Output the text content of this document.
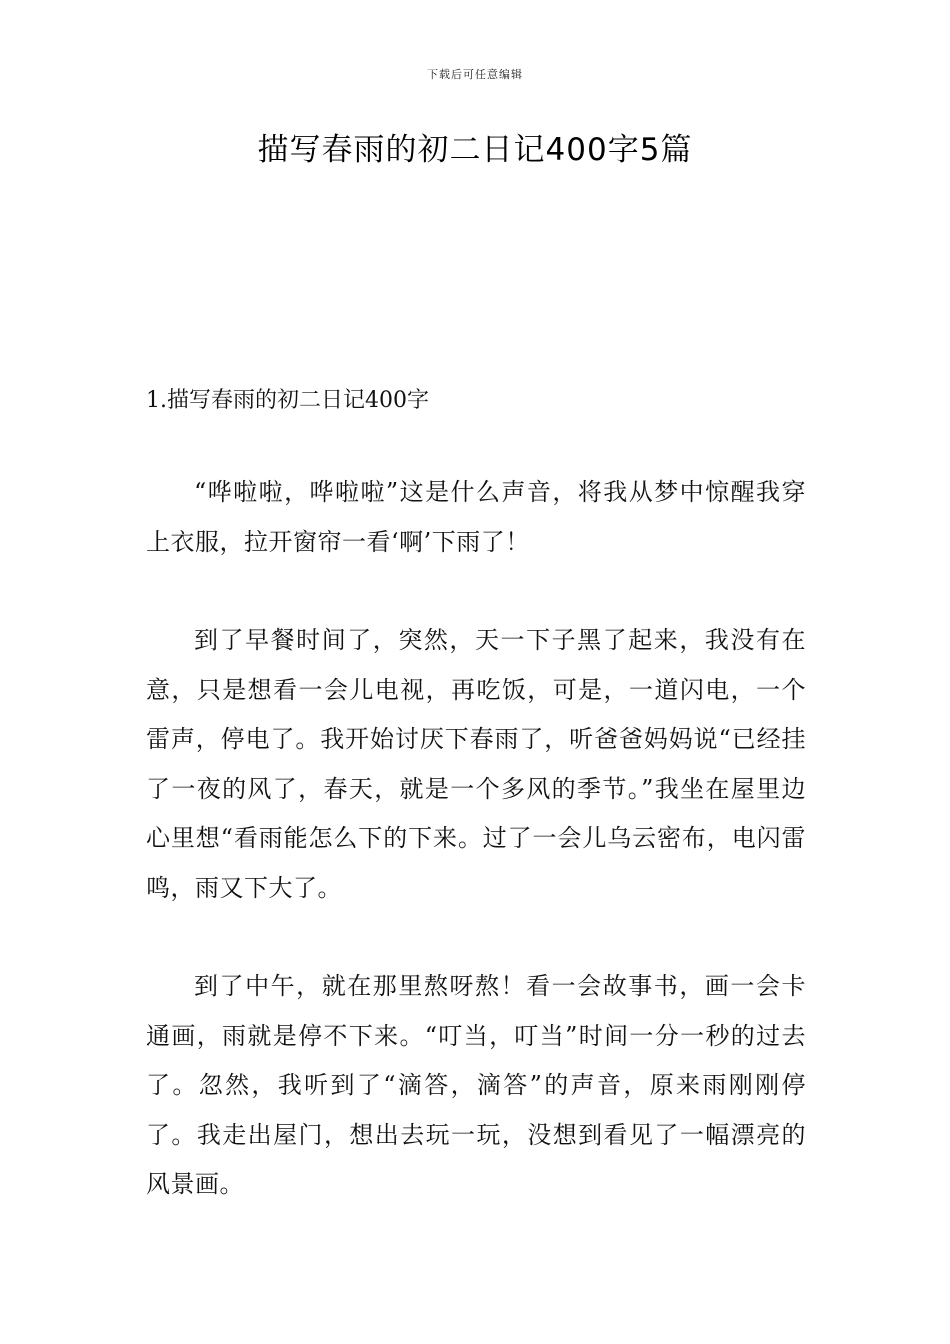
下载后可任意编辑
描写春雨的初二日记400字5篇
1.描写春雨的初二日记400字

“哗啦啦，哗啦啦”这是什么声音，将我从梦中惊醒我穿上衣服，拉开窗帘一看‘啊’下雨了！

到了早餐时间了，突然，天一下子黑了起来，我没有在意，只是想看一会儿电视，再吃饭，可是，一道闪电，一个雷声，停电了。我开始讨厌下春雨了，听爸爸妈妈说“已经挂了一夜的风了，春天，就是一个多风的季节。”我坐在屋里边心里想“看雨能怎么下的下来。过了一会儿乌云密布，电闪雷鸣，雨又下大了。

到了中午，就在那里熬呀熬！看一会故事书，画一会卡通画，雨就是停不下来。“叮当，叮当”时间一分一秒的过去了。忽然，我听到了“滴答，滴答”的声音，原来雨刚刚停了。我走出屋门，想出去玩一玩，没想到看见了一幅漂亮的风景画。
